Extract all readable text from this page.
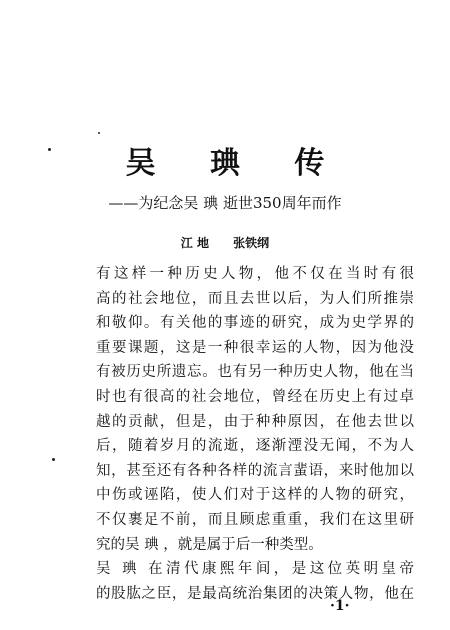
吴 琠 传
——为纪念吴 琠 逝世350周年而作
江 地 张铁纲
有这样一种历史人物，他不仅在当时有很
高的社会地位，而且去世以后，为人们所推崇
和敬仰。有关他的事迹的研究，成为史学界的
重要课题，这是一种很幸运的人物，因为他没
有被历史所遗忘。也有另一种历史人物，他在当
时也有很高的社会地位，曾经在历史上有过卓
越的贡献，但是，由于种种原因，在他去世以
后，随着岁月的流逝，逐渐湮没无闻，不为人
知，甚至还有各种各样的流言蜚语，来时他加以
中伤或诬陷，使人们对于这样的人物的研究，
不仅裹足不前，而且顾虑重重，我们在这里研
究的吴 琠 ，就是属于后一种类型。
吴 琠 在清代康熙年间，是这位英明皇帝
的股肱之臣，是最高统治集团的决策人物，他在
·1·
